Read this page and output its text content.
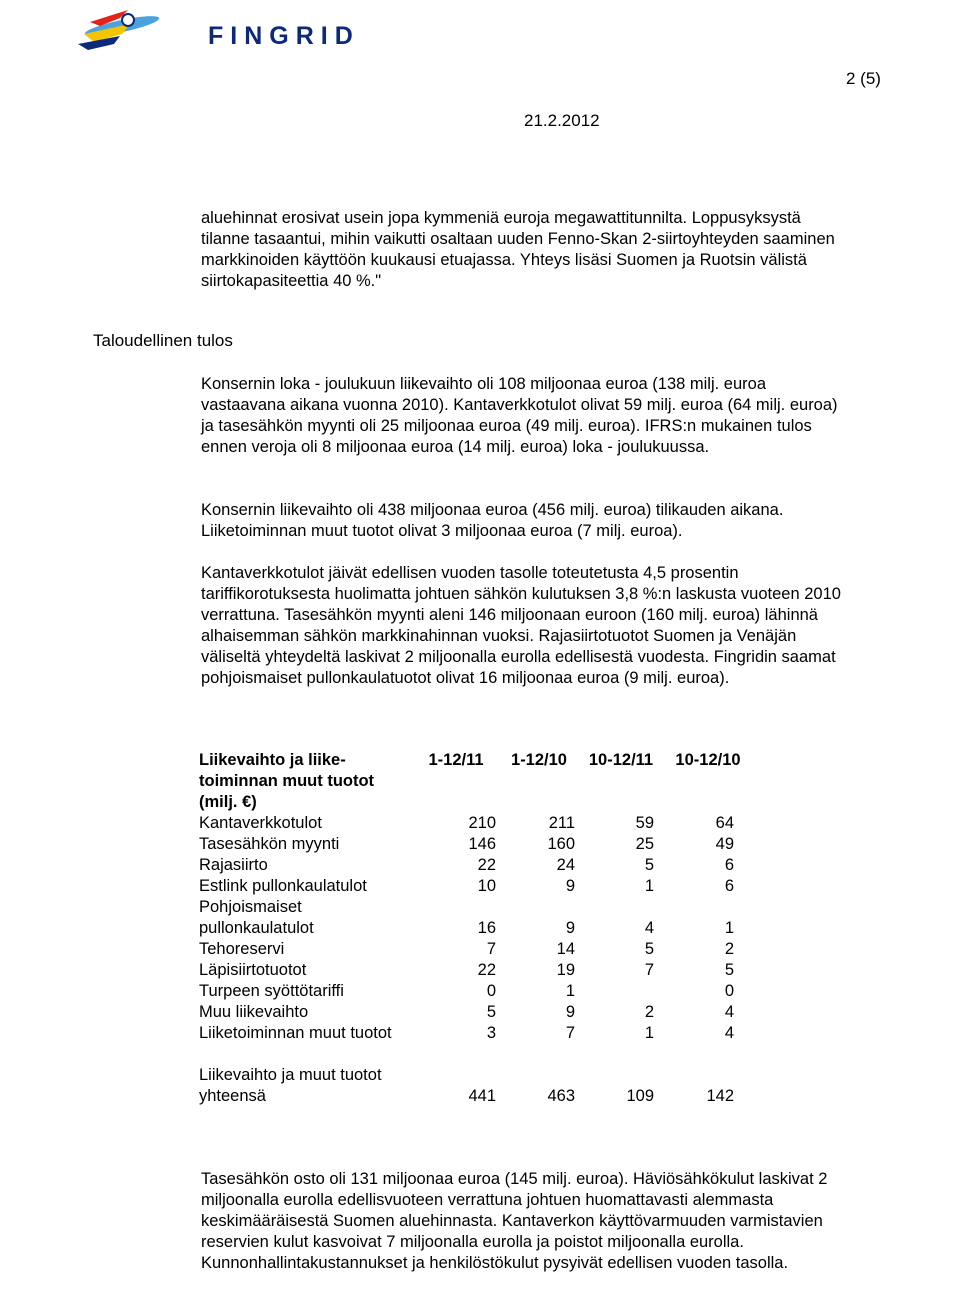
FINGRID
2 (5)
21.2.2012

aluehinnat erosivat usein jopa kymmeniä euroja megawattitunnilta. Loppusyksystä tilanne tasaantui, mihin vaikutti osaltaan uuden Fenno-Skan 2-siirtoyhteyden saaminen markkinoiden käyttöön kuukausi etuajassa. Yhteys lisäsi Suomen ja Ruotsin välistä siirtokapasiteettia 40 %."

Taloudellinen tulos

Konsernin loka - joulukuun liikevaihto oli 108 miljoonaa euroa (138 milj. euroa vastaavana aikana vuonna 2010). Kantaverkkotulot olivat 59 milj. euroa (64 milj. euroa) ja tasesähkön myynti oli 25 miljoonaa euroa (49 milj. euroa). IFRS:n mukainen tulos ennen veroja oli 8 miljoonaa euroa (14 milj. euroa) loka - joulukuussa.

Konsernin liikevaihto oli 438 miljoonaa euroa (456 milj. euroa) tilikauden aikana. Liiketoiminnan muut tuotot olivat 3 miljoonaa euroa (7 milj. euroa).

Kantaverkkotulot jäivät edellisen vuoden tasolle toteutetusta 4,5 prosentin tariffikorotuksesta huolimatta johtuen sähkön kulutuksen 3,8 %:n laskusta vuoteen 2010 verrattuna. Tasesähkön myynti aleni 146 miljoonaan euroon (160 milj. euroa) lähinnä alhaisemman sähkön markkinahinnan vuoksi. Rajasiirtotuotot Suomen ja Venäjän väliseltä yhteydeltä laskivat 2 miljoonalla eurolla edellisestä vuodesta. Fingridin saamat pohjoismaiset pullonkaulatuotot olivat 16 miljoonaa euroa (9 milj. euroa).

Liikevaihto ja liike-toiminnan muut tuotot (milj. €)	1-12/11	1-12/10	10-12/11	10-12/10
Kantaverkkotulot	210	211	59	64
Tasesähkön myynti	146	160	25	49
Rajasiirto	22	24	5	6
Estlink pullonkaulatulot	10	9	1	6
Pohjoismaiset pullonkaulatulot	16	9	4	1
Tehoreservi	7	14	5	2
Läpisiirtotuotot	22	19	7	5
Turpeen syöttötariffi	0	1		0
Muu liikevaihto	5	9	2	4
Liiketoiminnan muut tuotot	3	7	1	4

Liikevaihto ja muut tuotot yhteensä	441	463	109	142

Tasesähkön osto oli 131 miljoonaa euroa (145 milj. euroa). Häviösähkökulut laskivat 2 miljoonalla eurolla edellisvuoteen verrattuna johtuen huomattavasti alemmasta keskimääräisestä Suomen aluehinnasta. Kantaverkon käyttövarmuuden varmistavien reservien kulut kasvoivat 7 miljoonalla eurolla ja poistot miljoonalla eurolla. Kunnonhallintakustannukset ja henkilöstökulut pysyivät edellisen vuoden tasolla.
